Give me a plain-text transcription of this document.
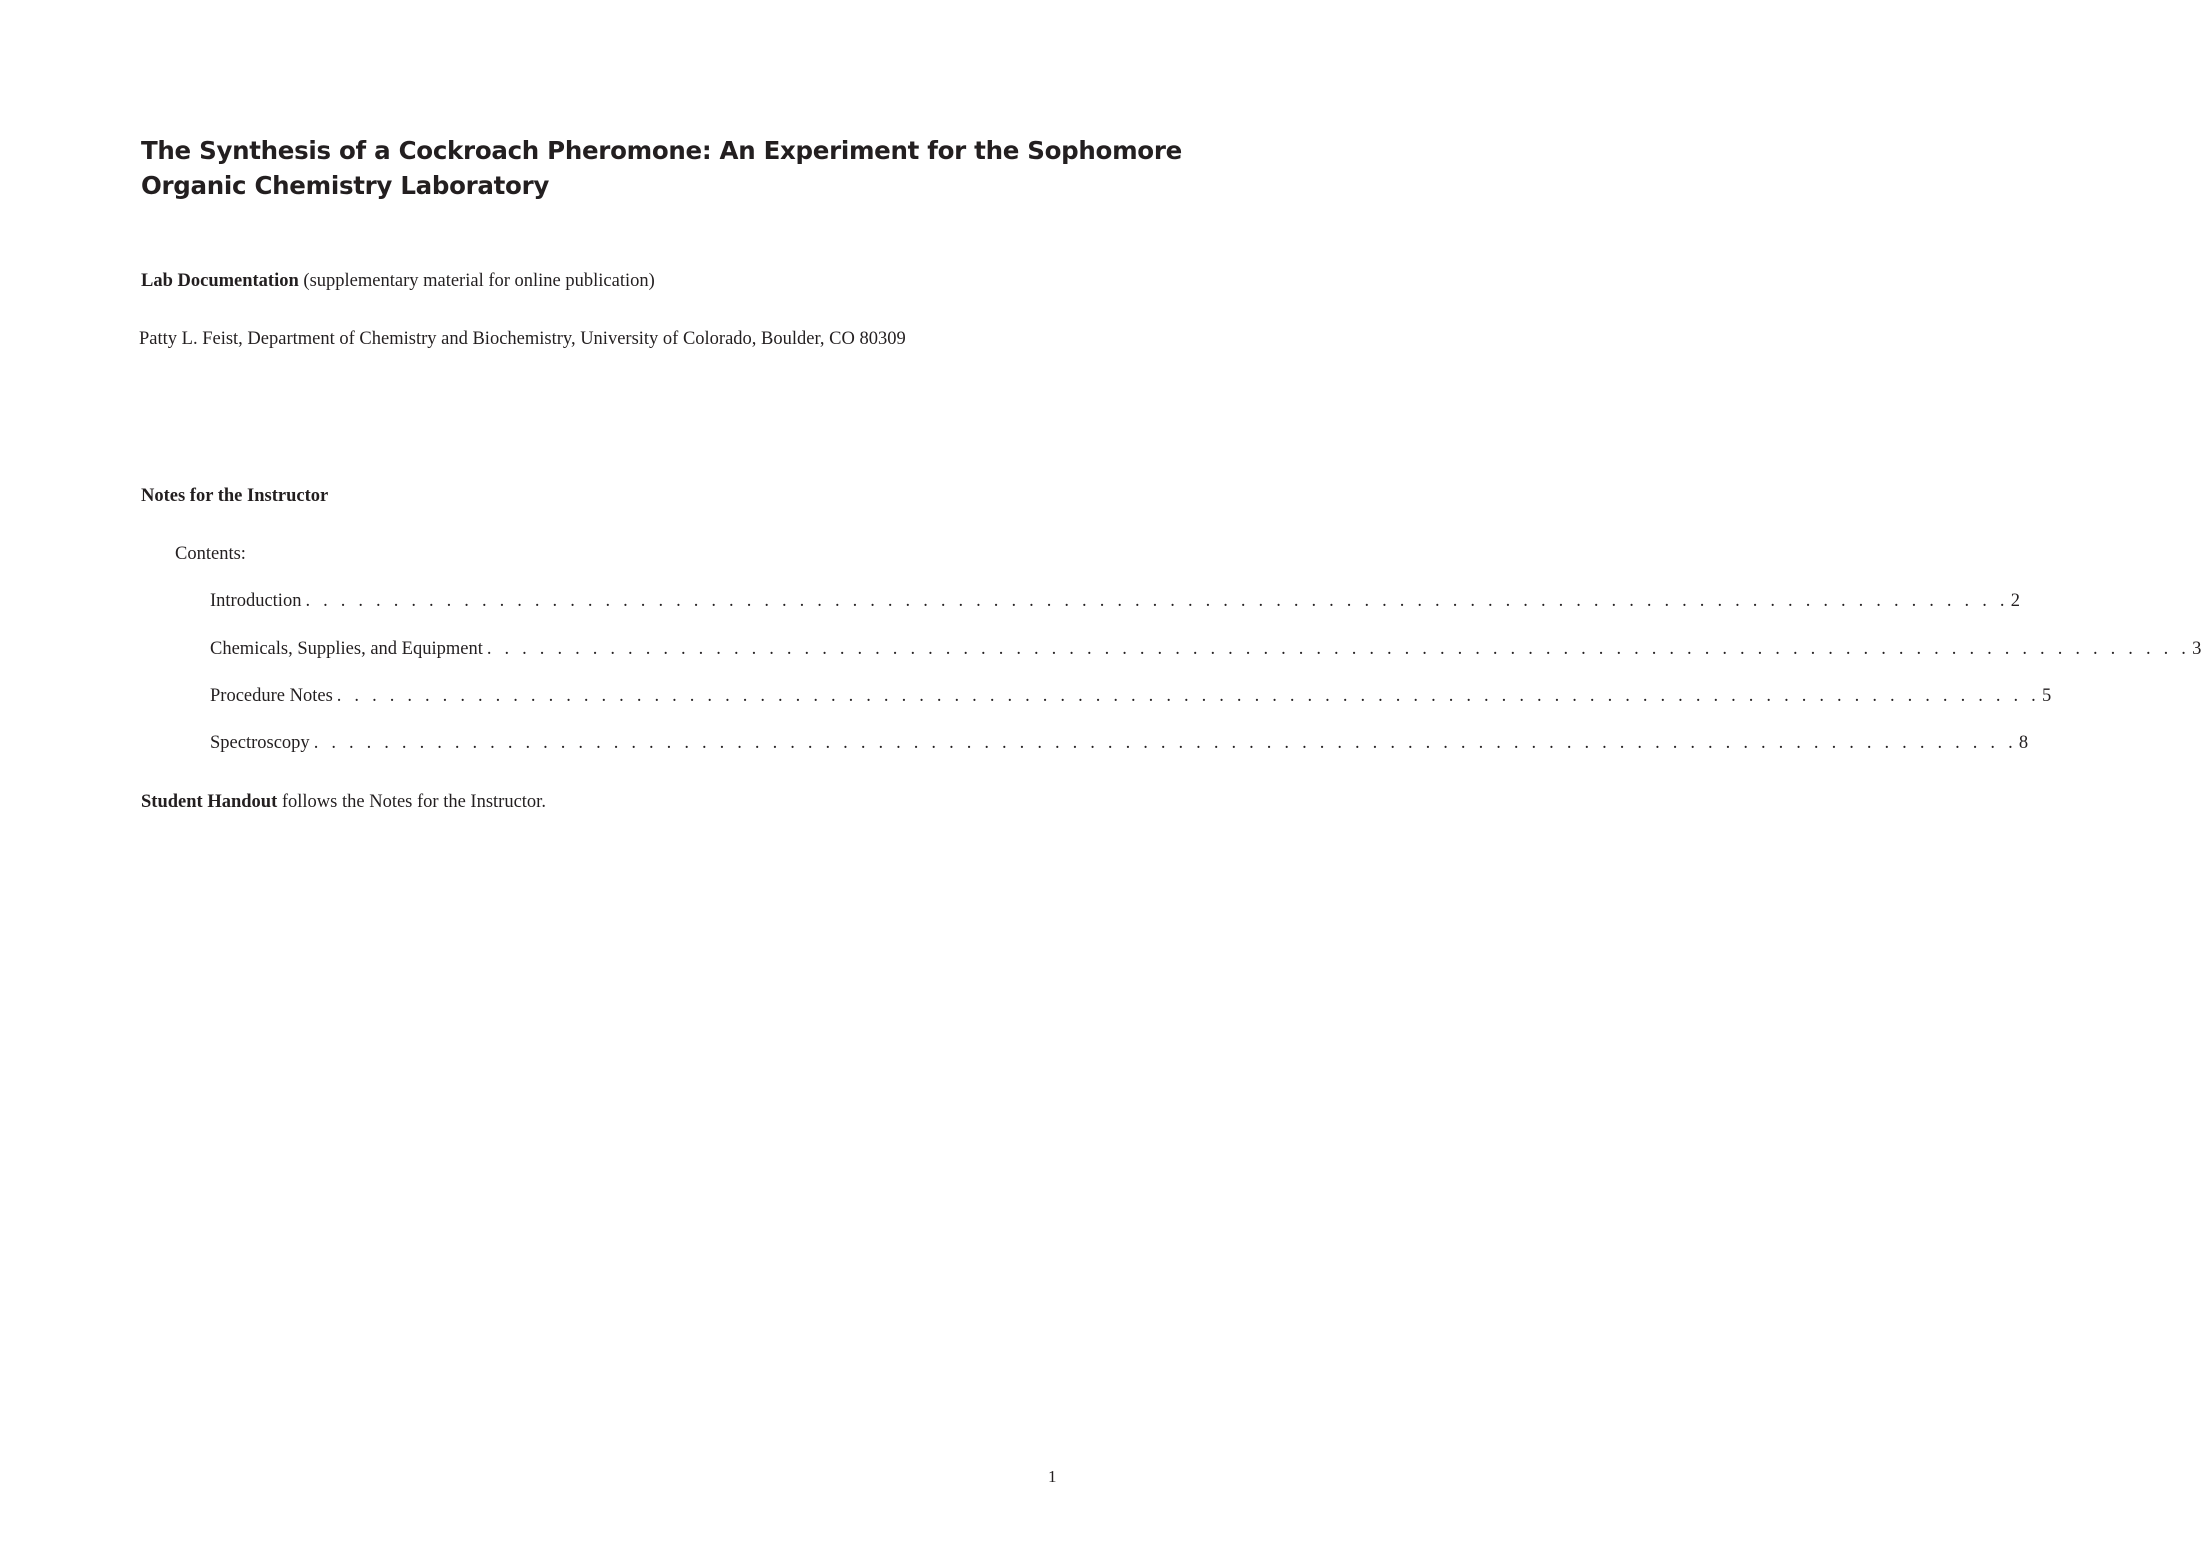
The Synthesis of a Cockroach Pheromone: An Experiment for the Sophomore
Organic Chemistry Laboratory

Lab Documentation (supplementary material for online publication)

Patty L. Feist, Department of Chemistry and Biochemistry, University of Colorado, Boulder, CO 80309

Notes for the Instructor

Contents:

Introduction . . . . . . . . . . . . . . . . . . . . . . . . . . . . . . . . . . . . . . . . . . . . . . . . . . . . . . . . . . . . . . . . . . . . . . . . . . . . . . . . . . . . . . . . . . . . . . . . . 2
Chemicals, Supplies, and Equipment . . . . . . . . . . . . . . . . . . . . . . . . . . . . . . . . . . . . . . . . . . . . . . . . . . . . . . . . . . . . . . . . . . . . . . . . . . . . . . . . . . . . . . . . . . . . . . . . . 3
Procedure Notes . . . . . . . . . . . . . . . . . . . . . . . . . . . . . . . . . . . . . . . . . . . . . . . . . . . . . . . . . . . . . . . . . . . . . . . . . . . . . . . . . . . . . . . . . . . . . . . . . 5
Spectroscopy . . . . . . . . . . . . . . . . . . . . . . . . . . . . . . . . . . . . . . . . . . . . . . . . . . . . . . . . . . . . . . . . . . . . . . . . . . . . . . . . . . . . . . . . . . . . . . . . . 8

Student Handout follows the Notes for the Instructor.

1
